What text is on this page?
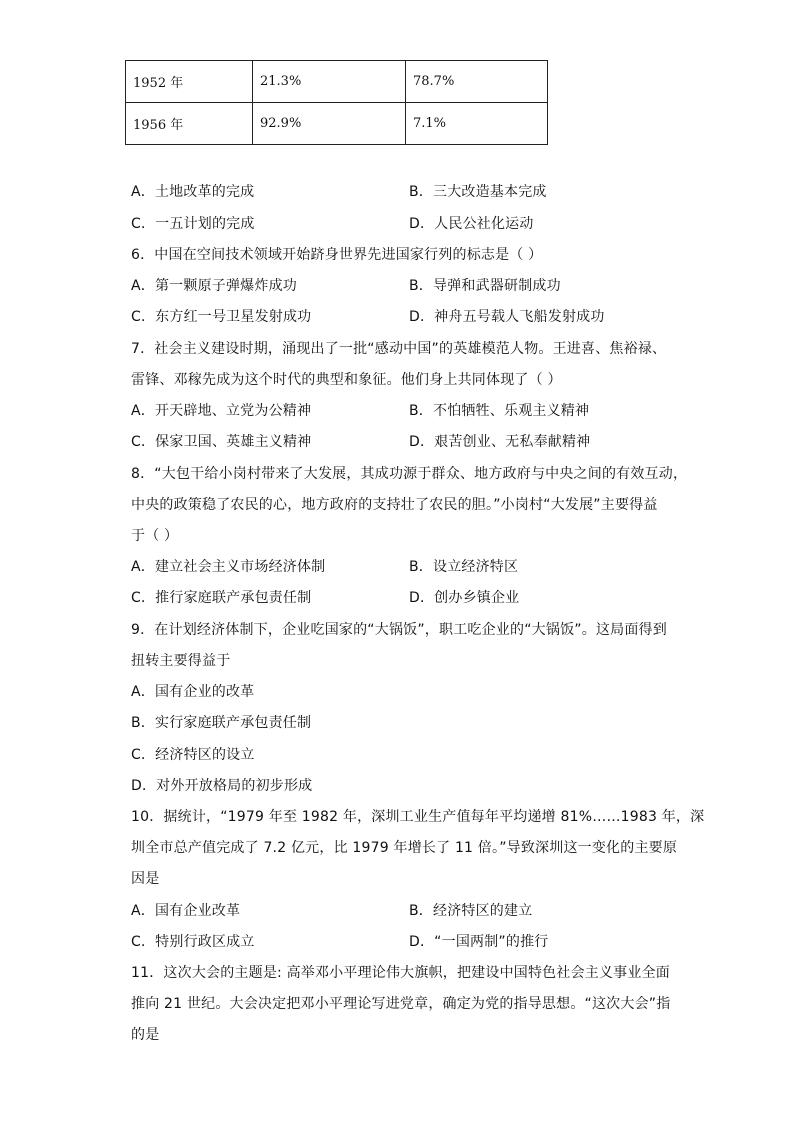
1952 年	21.3%	78.7%
1956 年	92.9%	7.1%
A．土地改革的完成	B．三大改造基本完成
C．一五计划的完成	D．人民公社化运动
6．中国在空间技术领域开始跻身世界先进国家行列的标志是（ ）
A．第一颗原子弹爆炸成功	B．导弹和武器研制成功
C．东方红一号卫星发射成功	D．神舟五号载人飞船发射成功
7．社会主义建设时期，涌现出了一批“感动中国”的英雄模范人物。王进喜、焦裕禄、
雷锋、邓稼先成为这个时代的典型和象征。他们身上共同体现了（ ）
A．开天辟地、立党为公精神	B．不怕牺牲、乐观主义精神
C．保家卫国、英雄主义精神	D．艰苦创业、无私奉献精神
8．“大包干给小岗村带来了大发展，其成功源于群众、地方政府与中央之间的有效互动，
中央的政策稳了农民的心，地方政府的支持壮了农民的胆。”小岗村“大发展”主要得益
于（ ）
A．建立社会主义市场经济体制	B．设立经济特区
C．推行家庭联产承包责任制	D．创办乡镇企业
9．在计划经济体制下，企业吃国家的“大锅饭”，职工吃企业的“大锅饭”。这局面得到
扭转主要得益于
A．国有企业的改革
B．实行家庭联产承包责任制
C．经济特区的设立
D．对外开放格局的初步形成
10．据统计，“1979 年至 1982 年，深圳工业生产值每年平均递增 81%……1983 年，深
圳全市总产值完成了 7.2 亿元，比 1979 年增长了 11 倍。”导致深圳这一变化的主要原
因是
A．国有企业改革	B．经济特区的建立
C．特别行政区成立	D．“一国两制”的推行
11．这次大会的主题是: 高举邓小平理论伟大旗帜，把建设中国特色社会主义事业全面
推向 21 世纪。大会决定把邓小平理论写进党章，确定为党的指导思想。“这次大会”指
的是
